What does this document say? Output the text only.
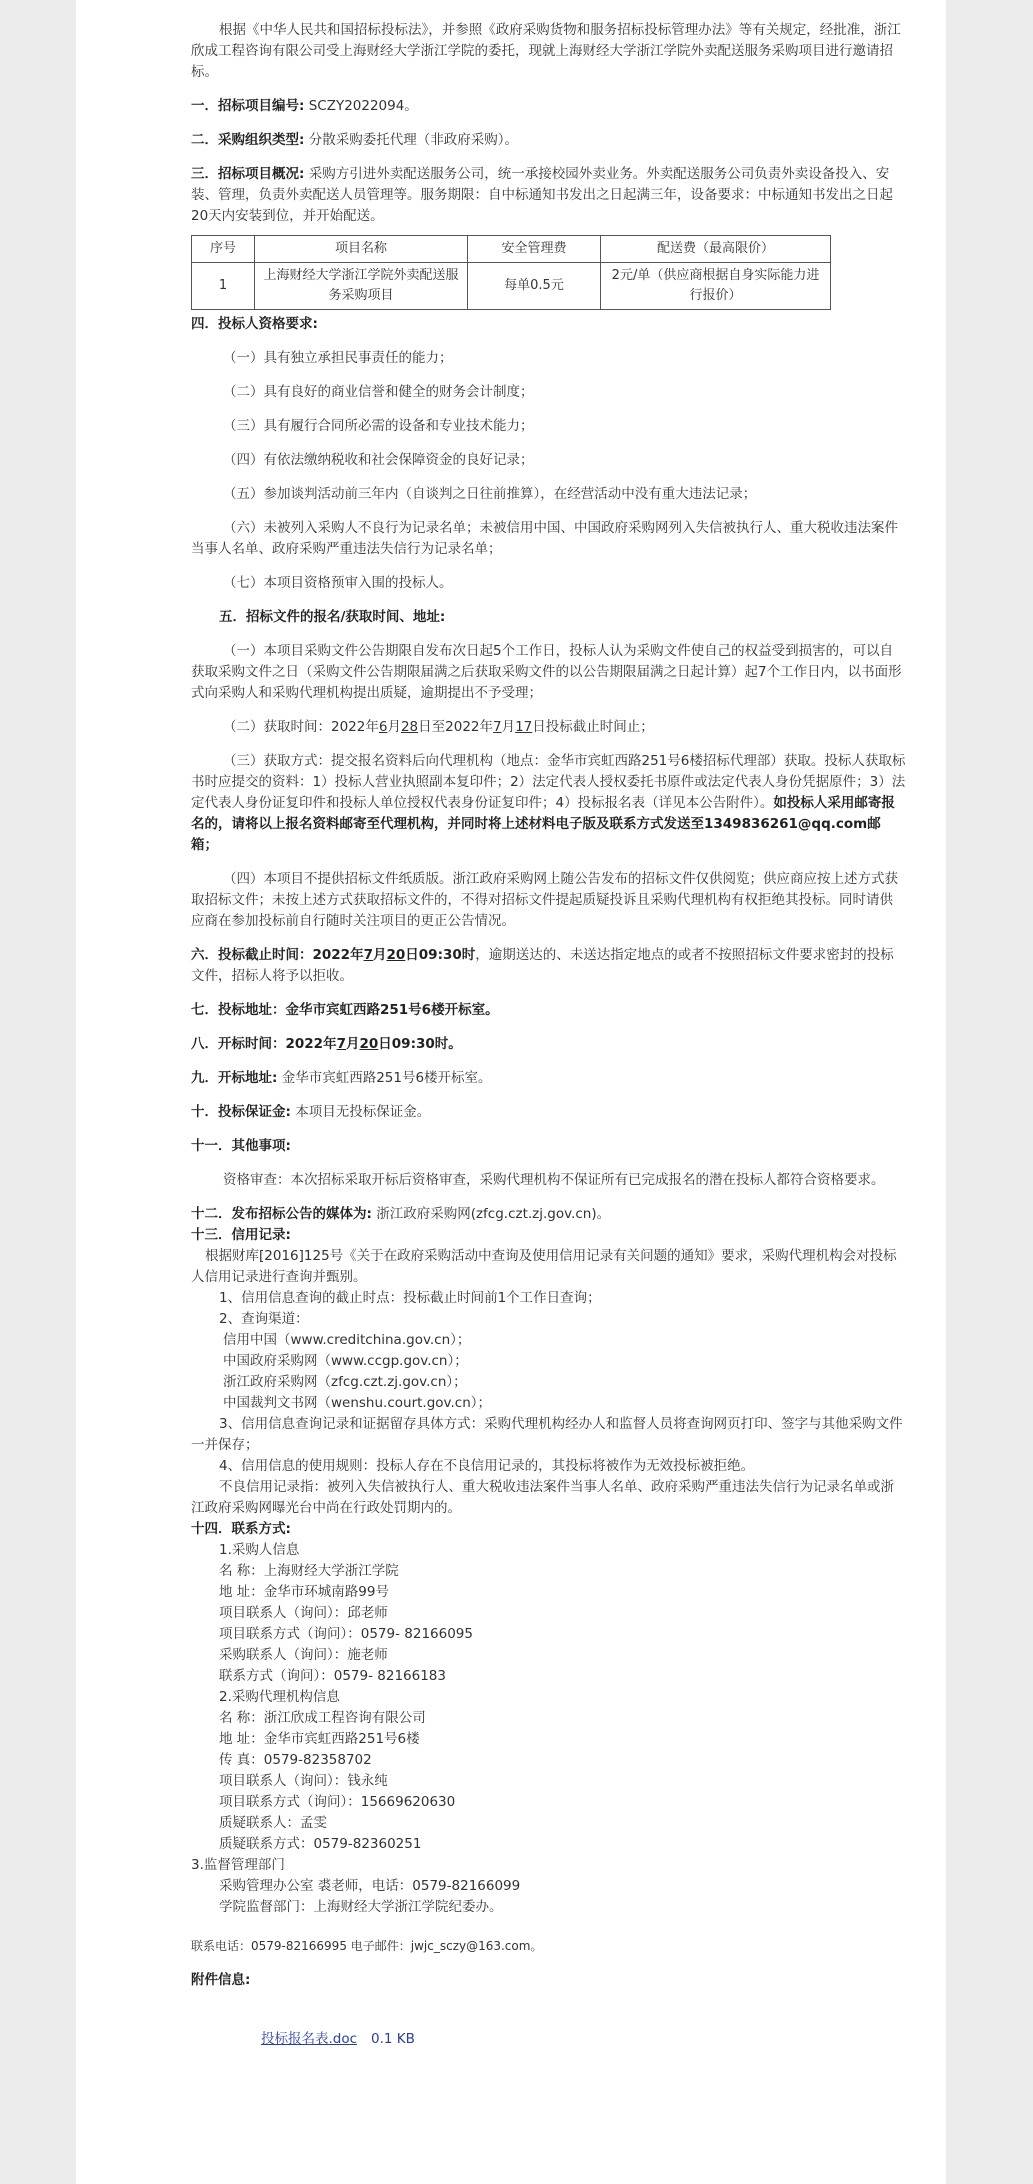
根据《中华人民共和国招标投标法》，并参照《政府采购货物和服务招标投标管理办法》等有关规定，经批准，浙江欣成工程咨询有限公司受上海财经大学浙江学院的委托，现就上海财经大学浙江学院外卖配送服务采购项目进行邀请招标。

一．招标项目编号: SCZY2022094。

二．采购组织类型: 分散采购委托代理（非政府采购）。

三．招标项目概况: 采购方引进外卖配送服务公司，统一承接校园外卖业务。外卖配送服务公司负责外卖设备投入、安装、管理，负责外卖配送人员管理等。服务期限：自中标通知书发出之日起满三年，设备要求：中标通知书发出之日起20天内安装到位，并开始配送。

序号	项目名称	安全管理费	配送费（最高限价）
1	上海财经大学浙江学院外卖配送服务采购项目	每单0.5元	2元/单（供应商根据自身实际能力进行报价）

四．投标人资格要求:

（一）具有独立承担民事责任的能力；

（二）具有良好的商业信誉和健全的财务会计制度；

（三）具有履行合同所必需的设备和专业技术能力；

（四）有依法缴纳税收和社会保障资金的良好记录；

（五）参加谈判活动前三年内（自谈判之日往前推算），在经营活动中没有重大违法记录；

（六）未被列入采购人不良行为记录名单；未被信用中国、中国政府采购网列入失信被执行人、重大税收违法案件当事人名单、政府采购严重违法失信行为记录名单；

（七）本项目资格预审入围的投标人。

五．招标文件的报名/获取时间、地址:

（一）本项目采购文件公告期限自发布次日起5个工作日，投标人认为采购文件使自己的权益受到损害的，可以自获取采购文件之日（采购文件公告期限届满之后获取采购文件的以公告期限届满之日起计算）起7个工作日内，以书面形式向采购人和采购代理机构提出质疑，逾期提出不予受理；

（二）获取时间：2022年6月28日至2022年7月17日投标截止时间止；

（三）获取方式：提交报名资料后向代理机构（地点：金华市宾虹西路251号6楼招标代理部）获取。投标人获取标书时应提交的资料：1）投标人营业执照副本复印件；2）法定代表人授权委托书原件或法定代表人身份凭据原件；3）法定代表人身份证复印件和投标人单位授权代表身份证复印件；4）投标报名表（详见本公告附件）。如投标人采用邮寄报名的，请将以上报名资料邮寄至代理机构，并同时将上述材料电子版及联系方式发送至1349836261@qq.com邮箱；

（四）本项目不提供招标文件纸质版。浙江政府采购网上随公告发布的招标文件仅供阅览；供应商应按上述方式获取招标文件；未按上述方式获取招标文件的，不得对招标文件提起质疑投诉且采购代理机构有权拒绝其投标。同时请供应商在参加投标前自行随时关注项目的更正公告情况。

六．投标截止时间：2022年7月20日09:30时，逾期送达的、未送达指定地点的或者不按照招标文件要求密封的投标文件，招标人将予以拒收。

七．投标地址：金华市宾虹西路251号6楼开标室。

八．开标时间：2022年7月20日09:30时。

九．开标地址: 金华市宾虹西路251号6楼开标室。

十．投标保证金: 本项目无投标保证金。

十一．其他事项:

资格审查：本次招标采取开标后资格审查，采购代理机构不保证所有已完成报名的潜在投标人都符合资格要求。

十二．发布招标公告的媒体为: 浙江政府采购网(zfcg.czt.zj.gov.cn)。

十三．信用记录:

根据财库[2016]125号《关于在政府采购活动中查询及使用信用记录有关问题的通知》要求，采购代理机构会对投标人信用记录进行查询并甄别。

1、信用信息查询的截止时点：投标截止时间前1个工作日查询；

2、查询渠道：

信用中国（www.creditchina.gov.cn）；

中国政府采购网（www.ccgp.gov.cn）；

浙江政府采购网（zfcg.czt.zj.gov.cn）；

中国裁判文书网（wenshu.court.gov.cn）；

3、信用信息查询记录和证据留存具体方式：采购代理机构经办人和监督人员将查询网页打印、签字与其他采购文件一并保存；

4、信用信息的使用规则：投标人存在不良信用记录的，其投标将被作为无效投标被拒绝。

不良信用记录指：被列入失信被执行人、重大税收违法案件当事人名单、政府采购严重违法失信行为记录名单或浙江政府采购网曝光台中尚在行政处罚期内的。

十四．联系方式:

1.采购人信息

名 称：上海财经大学浙江学院

地 址：金华市环城南路99号

项目联系人（询问）：邱老师

项目联系方式（询问）：0579- 82166095

采购联系人（询问）：施老师

联系方式（询问）：0579- 82166183

2.采购代理机构信息

名 称：浙江欣成工程咨询有限公司

地 址：金华市宾虹西路251号6楼

传 真：0579-82358702

项目联系人（询问）：钱永纯

项目联系方式（询问）：15669620630

质疑联系人：孟雯

质疑联系方式：0579-82360251

3.监督管理部门

采购管理办公室 裘老师，电话：0579-82166099

学院监督部门：上海财经大学浙江学院纪委办。

联系电话：0579-82166995 电子邮件：jwjc_sczy@163.com。

附件信息:

投标报名表.doc 0.1 KB
